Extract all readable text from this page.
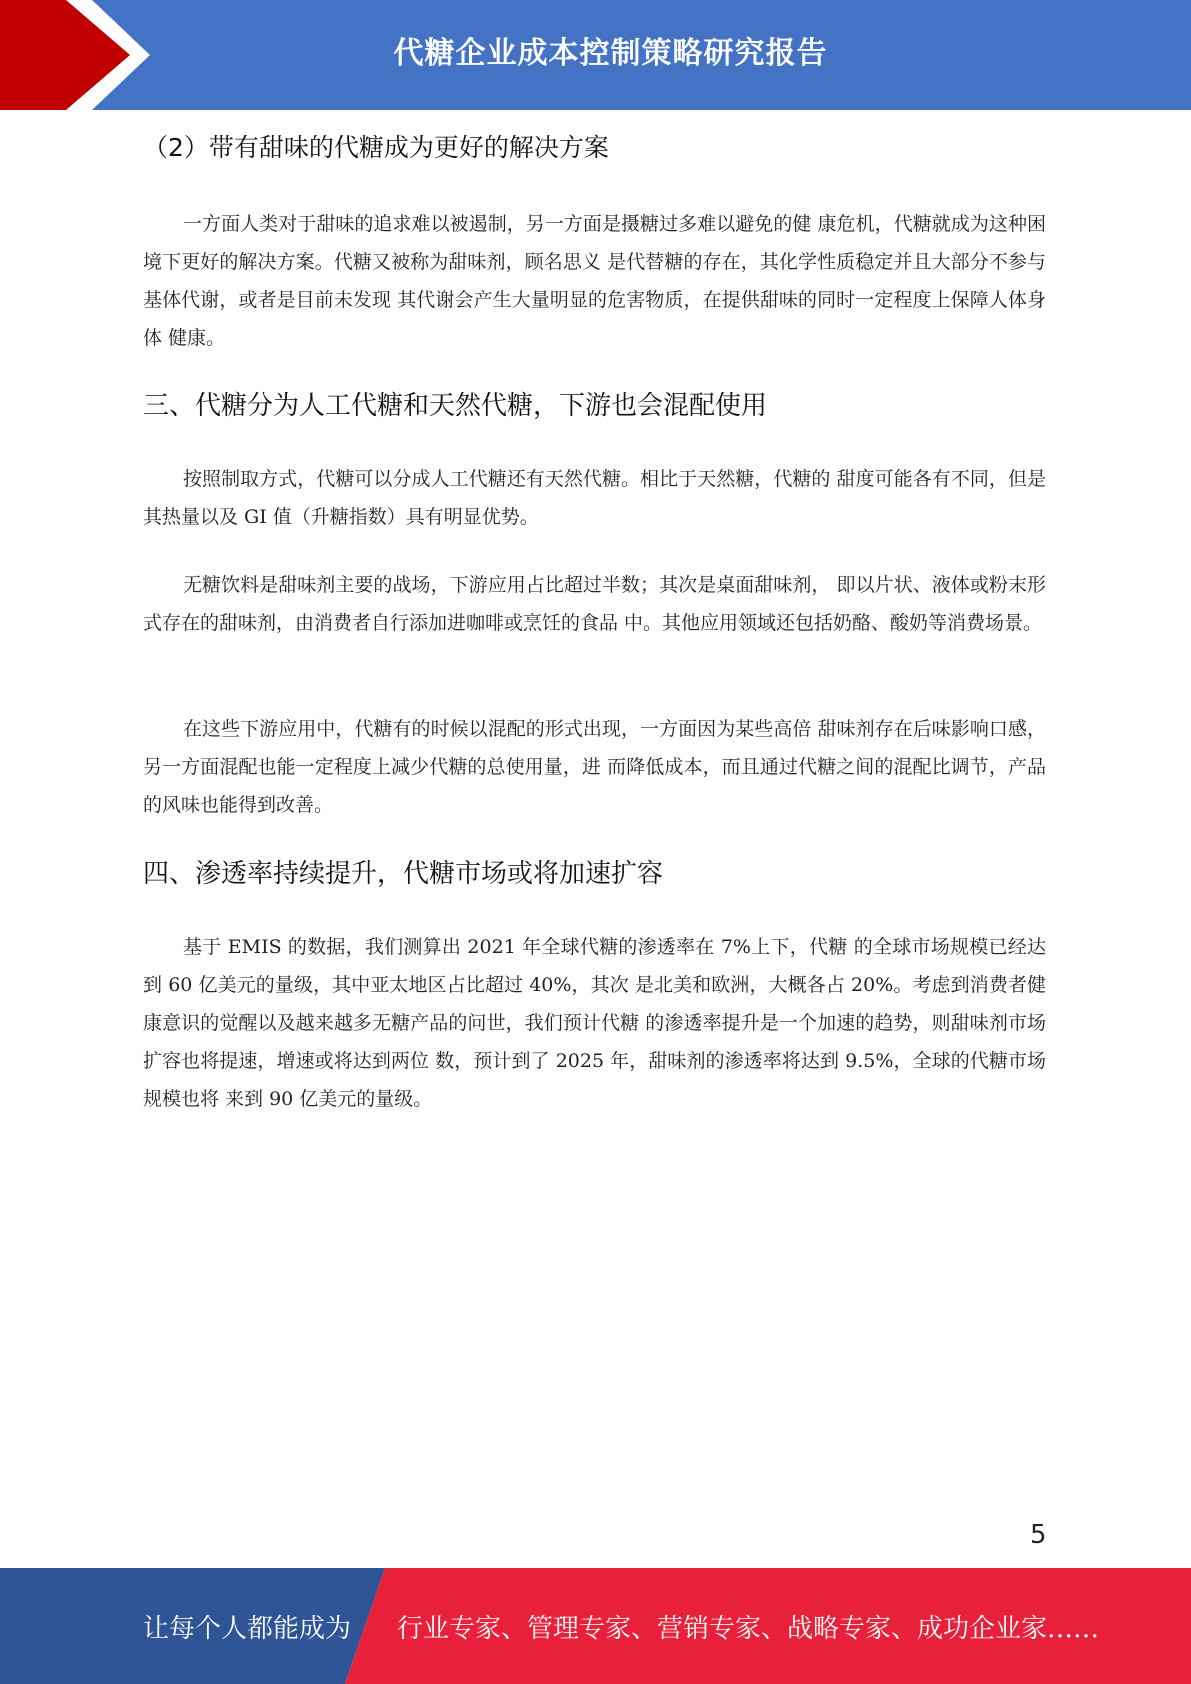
代糖企业成本控制策略研究报告
（2）带有甜味的代糖成为更好的解决方案

一方面人类对于甜味的追求难以被遏制，另一方面是摄糖过多难以避免的健 康危机，代糖就成为这种困境下更好的解决方案。代糖又被称为甜味剂，顾名思义 是代替糖的存在，其化学性质稳定并且大部分不参与基体代谢，或者是目前未发现 其代谢会产生大量明显的危害物质，在提供甜味的同时一定程度上保障人体身体 健康。

三、代糖分为人工代糖和天然代糖，下游也会混配使用

按照制取方式，代糖可以分成人工代糖还有天然代糖。相比于天然糖，代糖的 甜度可能各有不同，但是其热量以及 GI 值（升糖指数）具有明显优势。

无糖饮料是甜味剂主要的战场，下游应用占比超过半数；其次是桌面甜味剂， 即以片状、液体或粉末形式存在的甜味剂，由消费者自行添加进咖啡或烹饪的食品 中。其他应用领域还包括奶酪、酸奶等消费场景。

在这些下游应用中，代糖有的时候以混配的形式出现，一方面因为某些高倍 甜味剂存在后味影响口感，另一方面混配也能一定程度上减少代糖的总使用量，进 而降低成本，而且通过代糖之间的混配比调节，产品的风味也能得到改善。

四、渗透率持续提升，代糖市场或将加速扩容

基于 EMIS 的数据，我们测算出 2021 年全球代糖的渗透率在 7%上下，代糖 的全球市场规模已经达到 60 亿美元的量级，其中亚太地区占比超过 40%，其次 是北美和欧洲，大概各占 20%。考虑到消费者健康意识的觉醒以及越来越多无糖产品的问世，我们预计代糖 的渗透率提升是一个加速的趋势，则甜味剂市场扩容也将提速，增速或将达到两位 数，预计到了 2025 年，甜味剂的渗透率将达到 9.5%，全球的代糖市场规模也将 来到 90 亿美元的量级。

5
让每个人都能成为 行业专家、管理专家、营销专家、战略专家、成功企业家……
